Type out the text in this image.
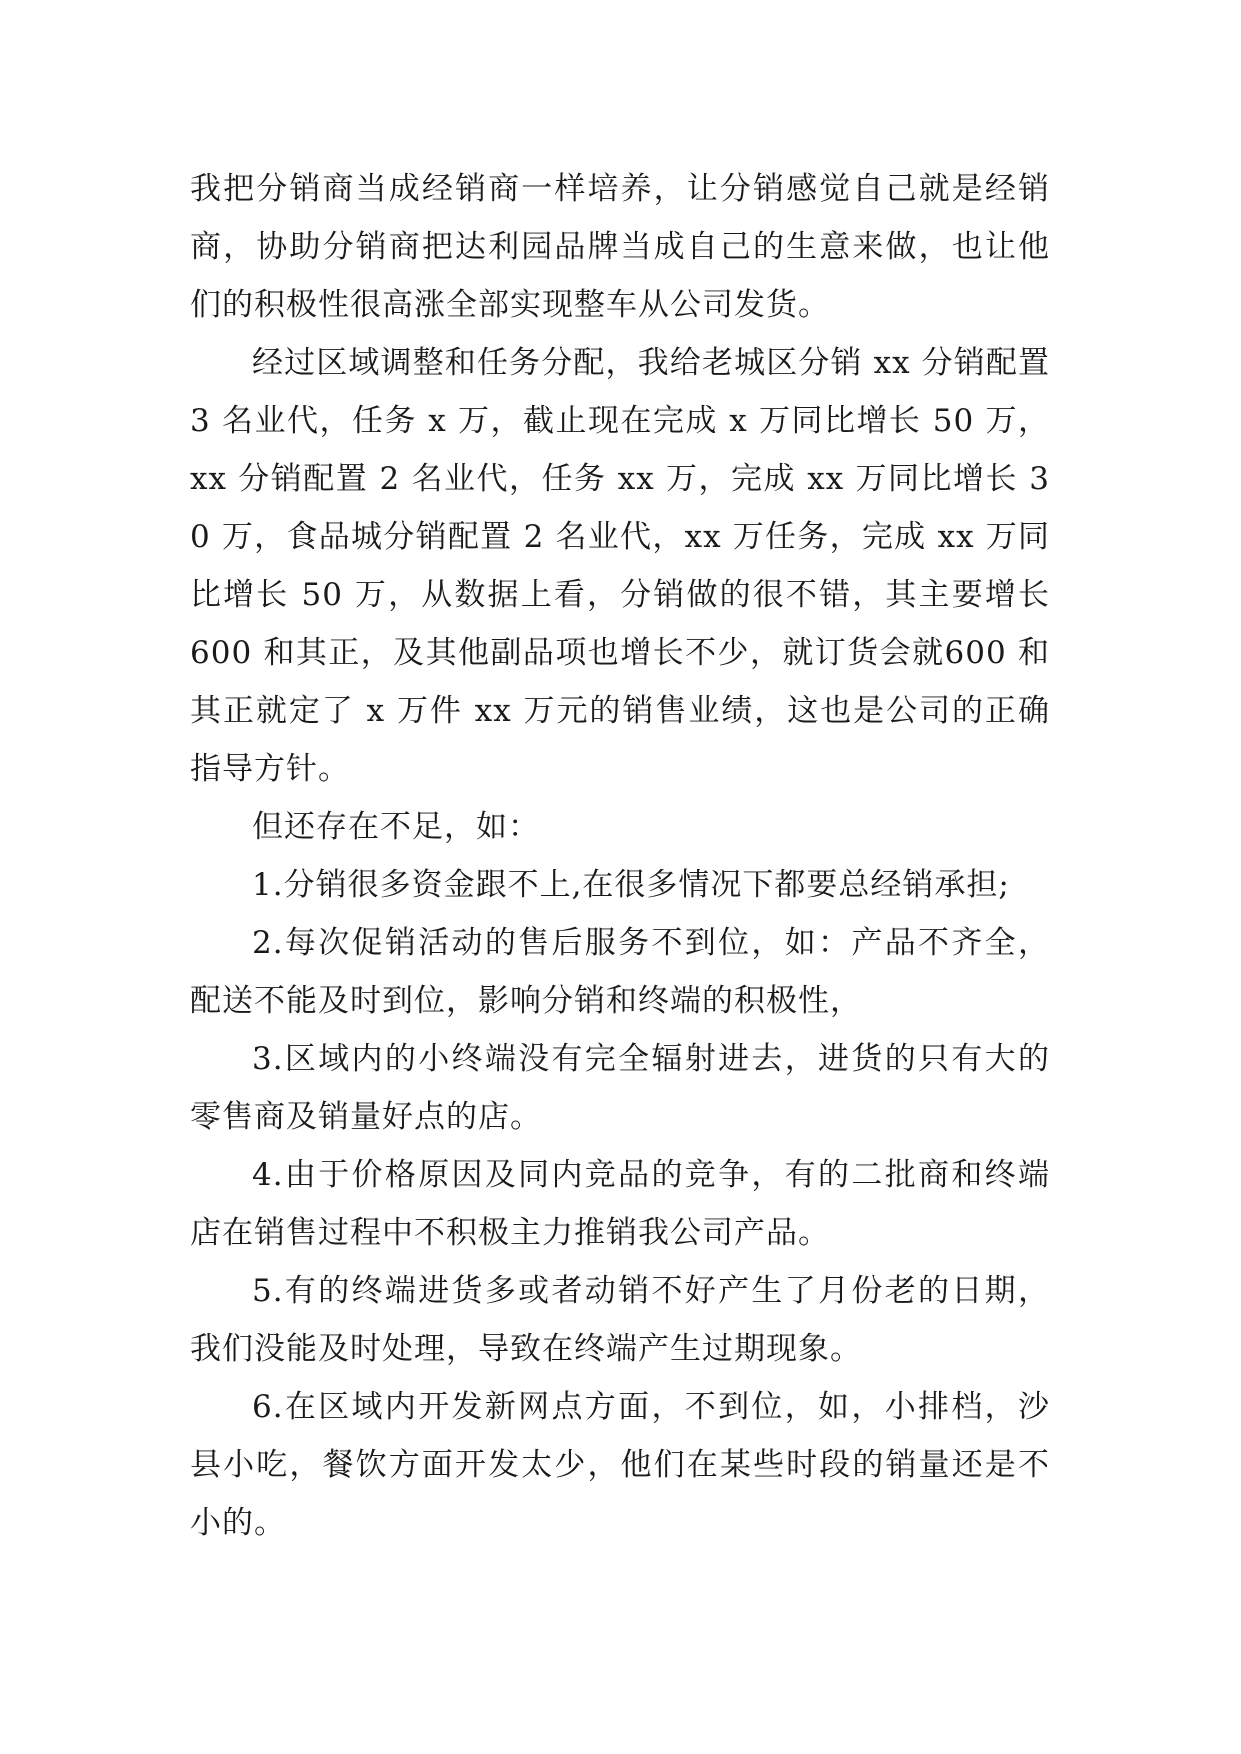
我把分销商当成经销商一样培养，让分销感觉自己就是经销商，协助分销商把达利园品牌当成自己的生意来做，也让他们的积极性很高涨全部实现整车从公司发货。

经过区域调整和任务分配，我给老城区分销 xx 分销配置 3 名业代，任务 x 万，截止现在完成 x 万同比增长 50 万，xx 分销配置 2 名业代，任务 xx 万，完成 xx 万同比增长 30 万，食品城分销配置 2 名业代，xx 万任务，完成 xx 万同比增长 50 万，从数据上看，分销做的很不错，其主要增长 600 和其正，及其他副品项也增长不少，就订货会就600 和其正就定了 x 万件 xx 万元的销售业绩，这也是公司的正确指导方针。

但还存在不足，如：

1.分销很多资金跟不上,在很多情况下都要总经销承担;

2.每次促销活动的售后服务不到位，如：产品不齐全，配送不能及时到位，影响分销和终端的积极性，

3.区域内的小终端没有完全辐射进去，进货的只有大的零售商及销量好点的店。

4.由于价格原因及同内竞品的竞争，有的二批商和终端店在销售过程中不积极主力推销我公司产品。

5.有的终端进货多或者动销不好产生了月份老的日期，我们没能及时处理，导致在终端产生过期现象。

6.在区域内开发新网点方面，不到位，如，小排档，沙县小吃，餐饮方面开发太少，他们在某些时段的销量还是不小的。
